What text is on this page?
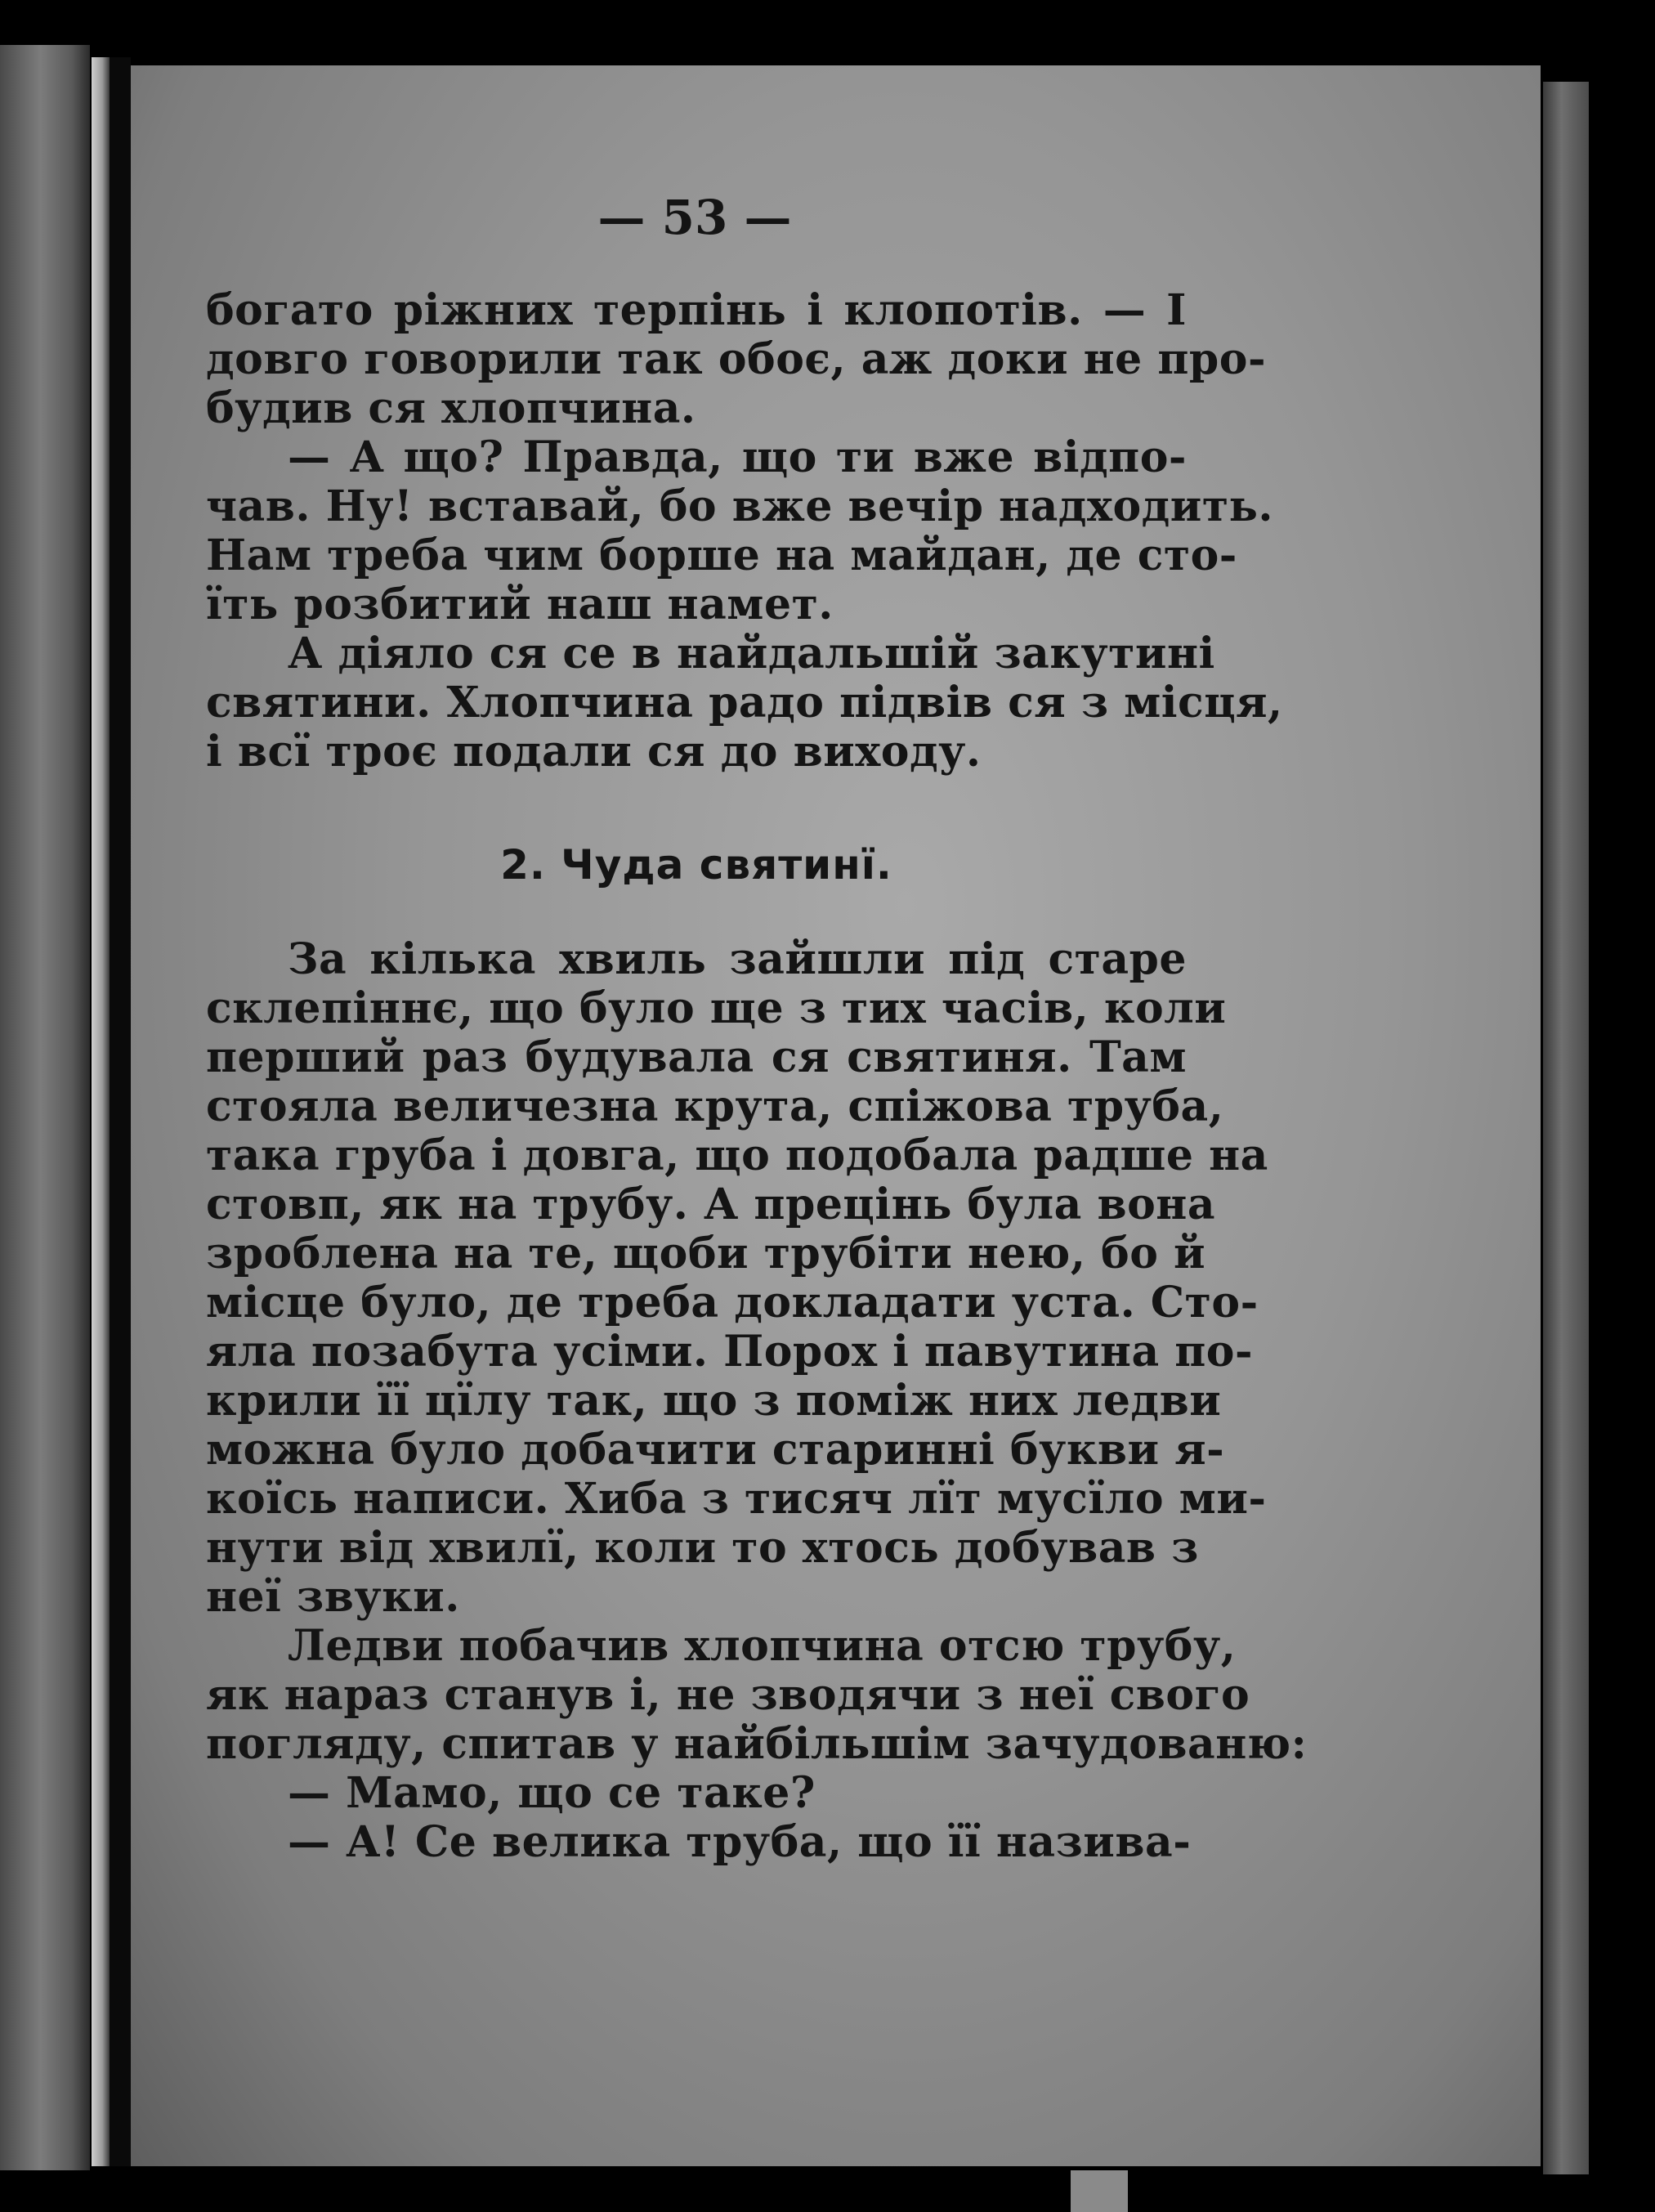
— 53 —
богато ріжних терпінь і клопотів. — І
довго говорили так обоє, аж доки не про-
будив ся хлопчина.
— А що? Правда, що ти вже відпо-
чав. Ну! вставай, бо вже вечір надходить.
Нам треба чим борше на майдан, де сто-
їть розбитий наш намет.
А діяло ся се в найдальшій закутині
святини. Хлопчина радо підвів ся з місця,
і всї троє подали ся до виходу.
2. Чуда святинї.
За кілька хвиль зайшли під старе
склепіннє, що було ще з тих часів, коли
перший раз будувала ся святиня. Там
стояла величезна крута, спіжова труба,
така груба і довга, що подобала радше на
стовп, як на трубу. А прецінь була вона
зроблена на те, щоби трубіти нею, бо й
місце було, де треба докладати уста. Сто-
яла позабута усіми. Порох і павутина по-
крили її цїлу так, що з поміж них ледви
можна було добачити старинні букви я-
коїсь написи. Хиба з тисяч лїт мусїло ми-
нути від хвилї, коли то хтось добував з
неї звуки.
Ледви побачив хлопчина отсю трубу,
як нараз станув і, не зводячи з неї свого
погляду, спитав у найбільшім зачудованю:
— Мамо, що се таке?
— А! Се велика труба, що її назива-
